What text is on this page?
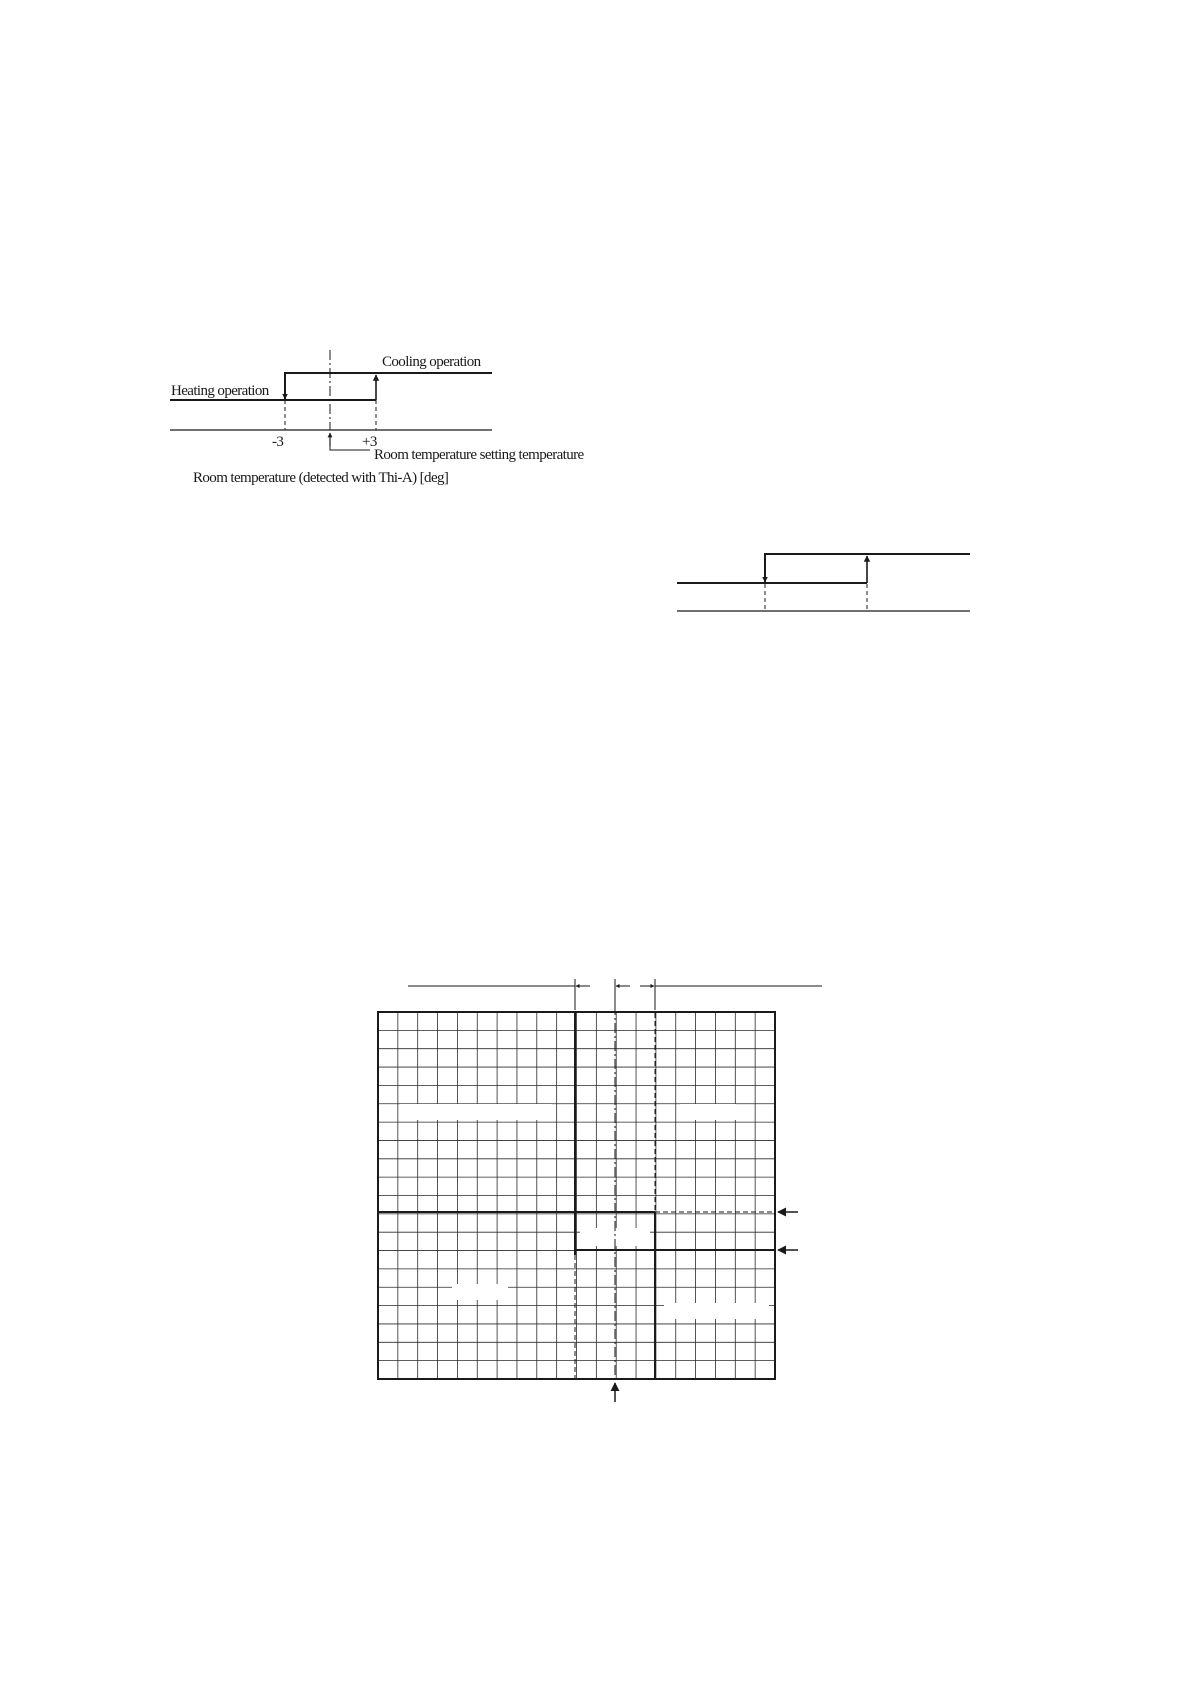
Cooling operation
Heating operation
-3	+3
Room temperature setting temperature
Room temperature (detected with Thi-A) [deg]
